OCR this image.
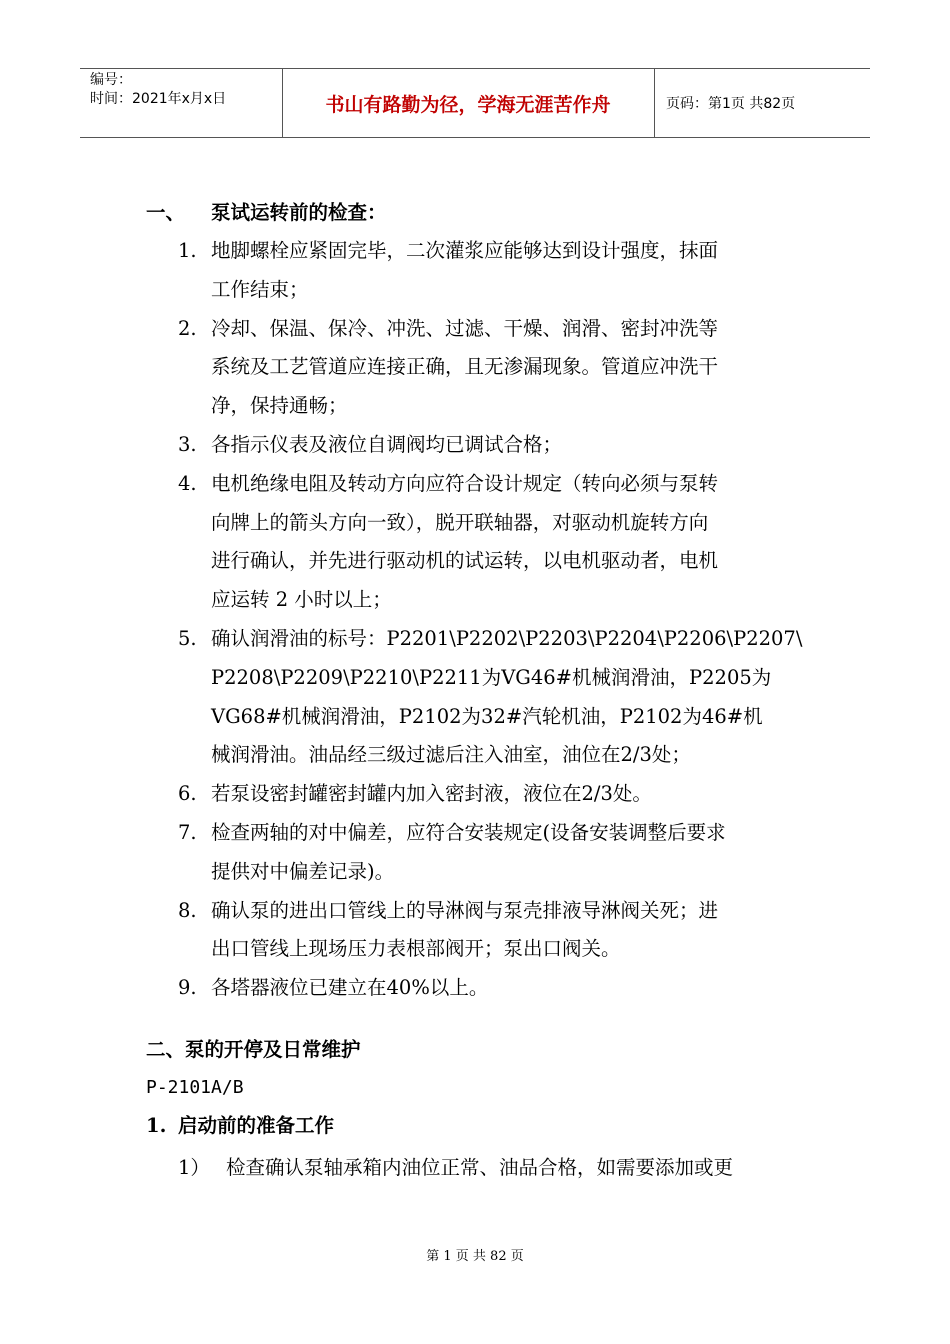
编号：
时间：2021年x月x日	书山有路勤为径，学海无涯苦作舟	页码：第1页 共82页
一、 泵试运转前的检查：
1. 地脚螺栓应紧固完毕，二次灌浆应能够达到设计强度，抹面
工作结束；
2. 冷却、保温、保冷、冲洗、过滤、干燥、润滑、密封冲洗等
系统及工艺管道应连接正确，且无渗漏现象。管道应冲洗干
净，保持通畅；
3. 各指示仪表及液位自调阀均已调试合格；
4. 电机绝缘电阻及转动方向应符合设计规定（转向必须与泵转
向牌上的箭头方向一致），脱开联轴器，对驱动机旋转方向
进行确认，并先进行驱动机的试运转，以电机驱动者，电机
应运转 2 小时以上；
5. 确认润滑油的标号：P2201\P2202\P2203\P2204\P2206\P2207\
P2208\P2209\P2210\P2211为VG46#机械润滑油，P2205为
VG68#机械润滑油，P2102为32#汽轮机油，P2102为46#机
械润滑油。油品经三级过滤后注入油室，油位在2/3处；
6. 若泵设密封罐密封罐内加入密封液，液位在2/3处。
7. 检查两轴的对中偏差，应符合安装规定(设备安装调整后要求
提供对中偏差记录)。
8. 确认泵的进出口管线上的导淋阀与泵壳排液导淋阀关死；进
出口管线上现场压力表根部阀开；泵出口阀关。
9. 各塔器液位已建立在40%以上。
二、泵的开停及日常维护
P-2101A/B
1. 启动前的准备工作
1） 检查确认泵轴承箱内油位正常、油品合格，如需要添加或更
第 1 页 共 82 页
